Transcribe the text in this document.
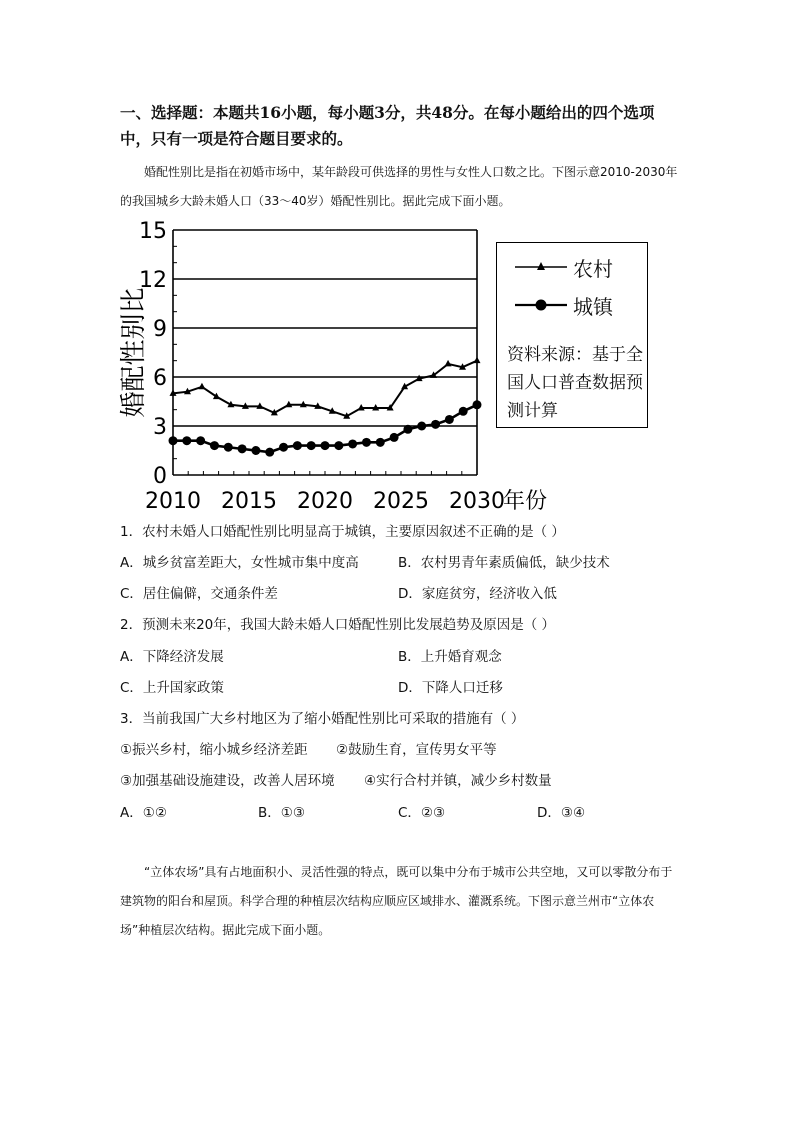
一、选择题：本题共16小题，每小题3分，共48分。在每小题给出的四个选项中，只有一项是符合题目要求的。

婚配性别比是指在初婚市场中，某年龄段可供选择的男性与女性人口数之比。下图示意2010-2030年的我国城乡大龄未婚人口（33～40岁）婚配性别比。据此完成下面小题。

0
3
6
9
12
15
2010 2015 2020 2025 2030
年份
婚配性别比
农村
城镇
资料来源：基于全国人口普查数据预测计算
1．农村未婚人口婚配性别比明显高于城镇，主要原因叙述不正确的是（ ）
A．城乡贫富差距大，女性城市集中度高	B．农村男青年素质偏低，缺少技术
C．居住偏僻，交通条件差	D．家庭贫穷，经济收入低
2．预测未来20年，我国大龄未婚人口婚配性别比发展趋势及原因是（ ）
A．下降经济发展	B．上升婚育观念
C．上升国家政策	D．下降人口迁移
3．当前我国广大乡村地区为了缩小婚配性别比可采取的措施有（ ）
①振兴乡村，缩小城乡经济差距 ②鼓励生育，宣传男女平等
③加强基础设施建设，改善人居环境 ④实行合村并镇，减少乡村数量
A．①②	B．①③	C．②③	D．③④

“立体农场”具有占地面积小、灵活性强的特点，既可以集中分布于城市公共空地，又可以零散分布于建筑物的阳台和屋顶。科学合理的种植层次结构应顺应区域排水、灌溉系统。下图示意兰州市“立体农场”种植层次结构。据此完成下面小题。
